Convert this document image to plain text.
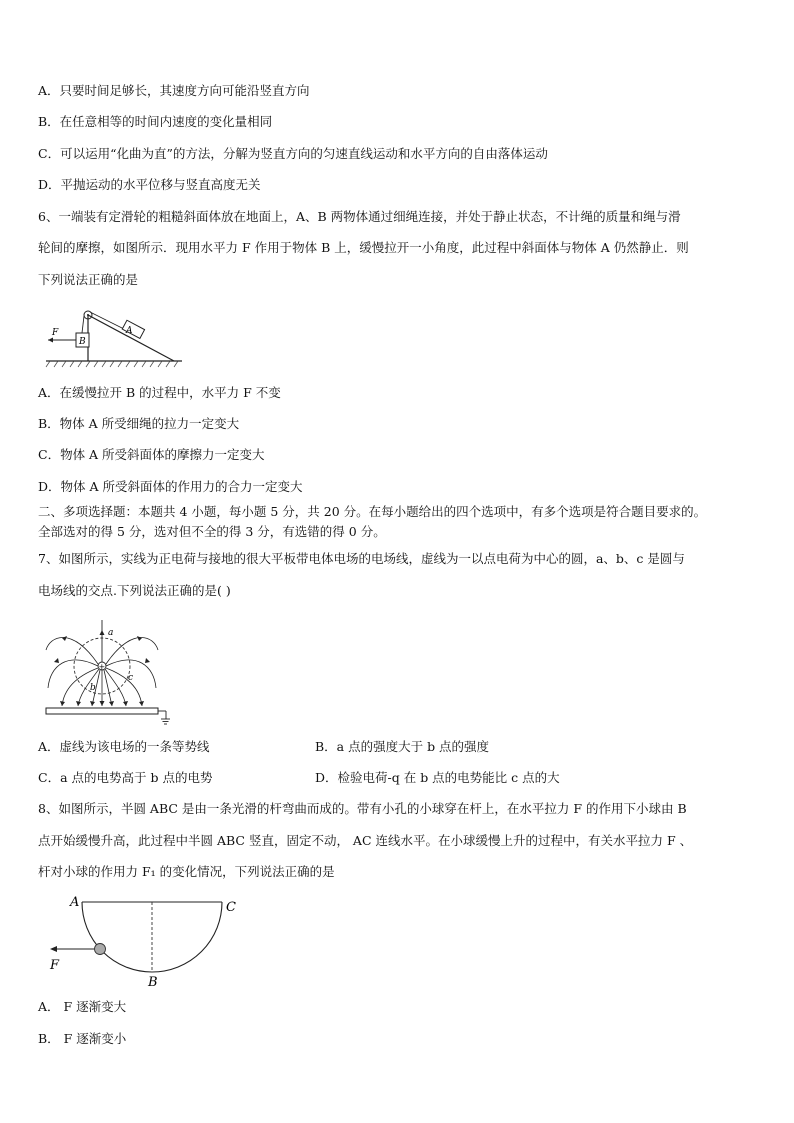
A．只要时间足够长，其速度方向可能沿竖直方向
B．在任意相等的时间内速度的变化量相同
C．可以运用“化曲为直”的方法，分解为竖直方向的匀速直线运动和水平方向的自由落体运动
D．平抛运动的水平位移与竖直高度无关
6、一端装有定滑轮的粗糙斜面体放在地面上，A、B 两物体通过细绳连接，并处于静止状态，不计绳的质量和绳与滑
轮间的摩擦，如图所示．现用水平力 F 作用于物体 B 上，缓慢拉开一小角度，此过程中斜面体与物体 A 仍然静止．则
下列说法正确的是
A
B
F
A．在缓慢拉开 B 的过程中，水平力 F 不变
B．物体 A 所受细绳的拉力一定变大
C．物体 A 所受斜面体的摩擦力一定变大
D．物体 A 所受斜面体的作用力的合力一定变大
二、多项选择题：本题共 4 小题，每小题 5 分，共 20 分。在每小题给出的四个选项中，有多个选项是符合题目要求的。
全部选对的得 5 分，选对但不全的得 3 分，有选错的得 0 分。
7、如图所示，实线为正电荷与接地的很大平板带电体电场的电场线，虚线为一以点电荷为中心的圆，a、b、c 是圆与
电场线的交点.下列说法正确的是( )
a
+
b
c
A．虚线为该电场的一条等势线	B．a 点的强度大于 b 点的强度
C．a 点的电势高于 b 点的电势	D．检验电荷-q 在 b 点的电势能比 c 点的大
8、如图所示，半圆 ABC 是由一条光滑的杆弯曲而成的。带有小孔的小球穿在杆上，在水平拉力 F 的作用下小球由 B
点开始缓慢升高，此过程中半圆 ABC 竖直，固定不动， AC 连线水平。在小球缓慢上升的过程中，有关水平拉力 F 、
杆对小球的作用力 F₁ 的变化情况，下列说法正确的是
A	C
B
F
A． F 逐渐变大
B． F 逐渐变小
